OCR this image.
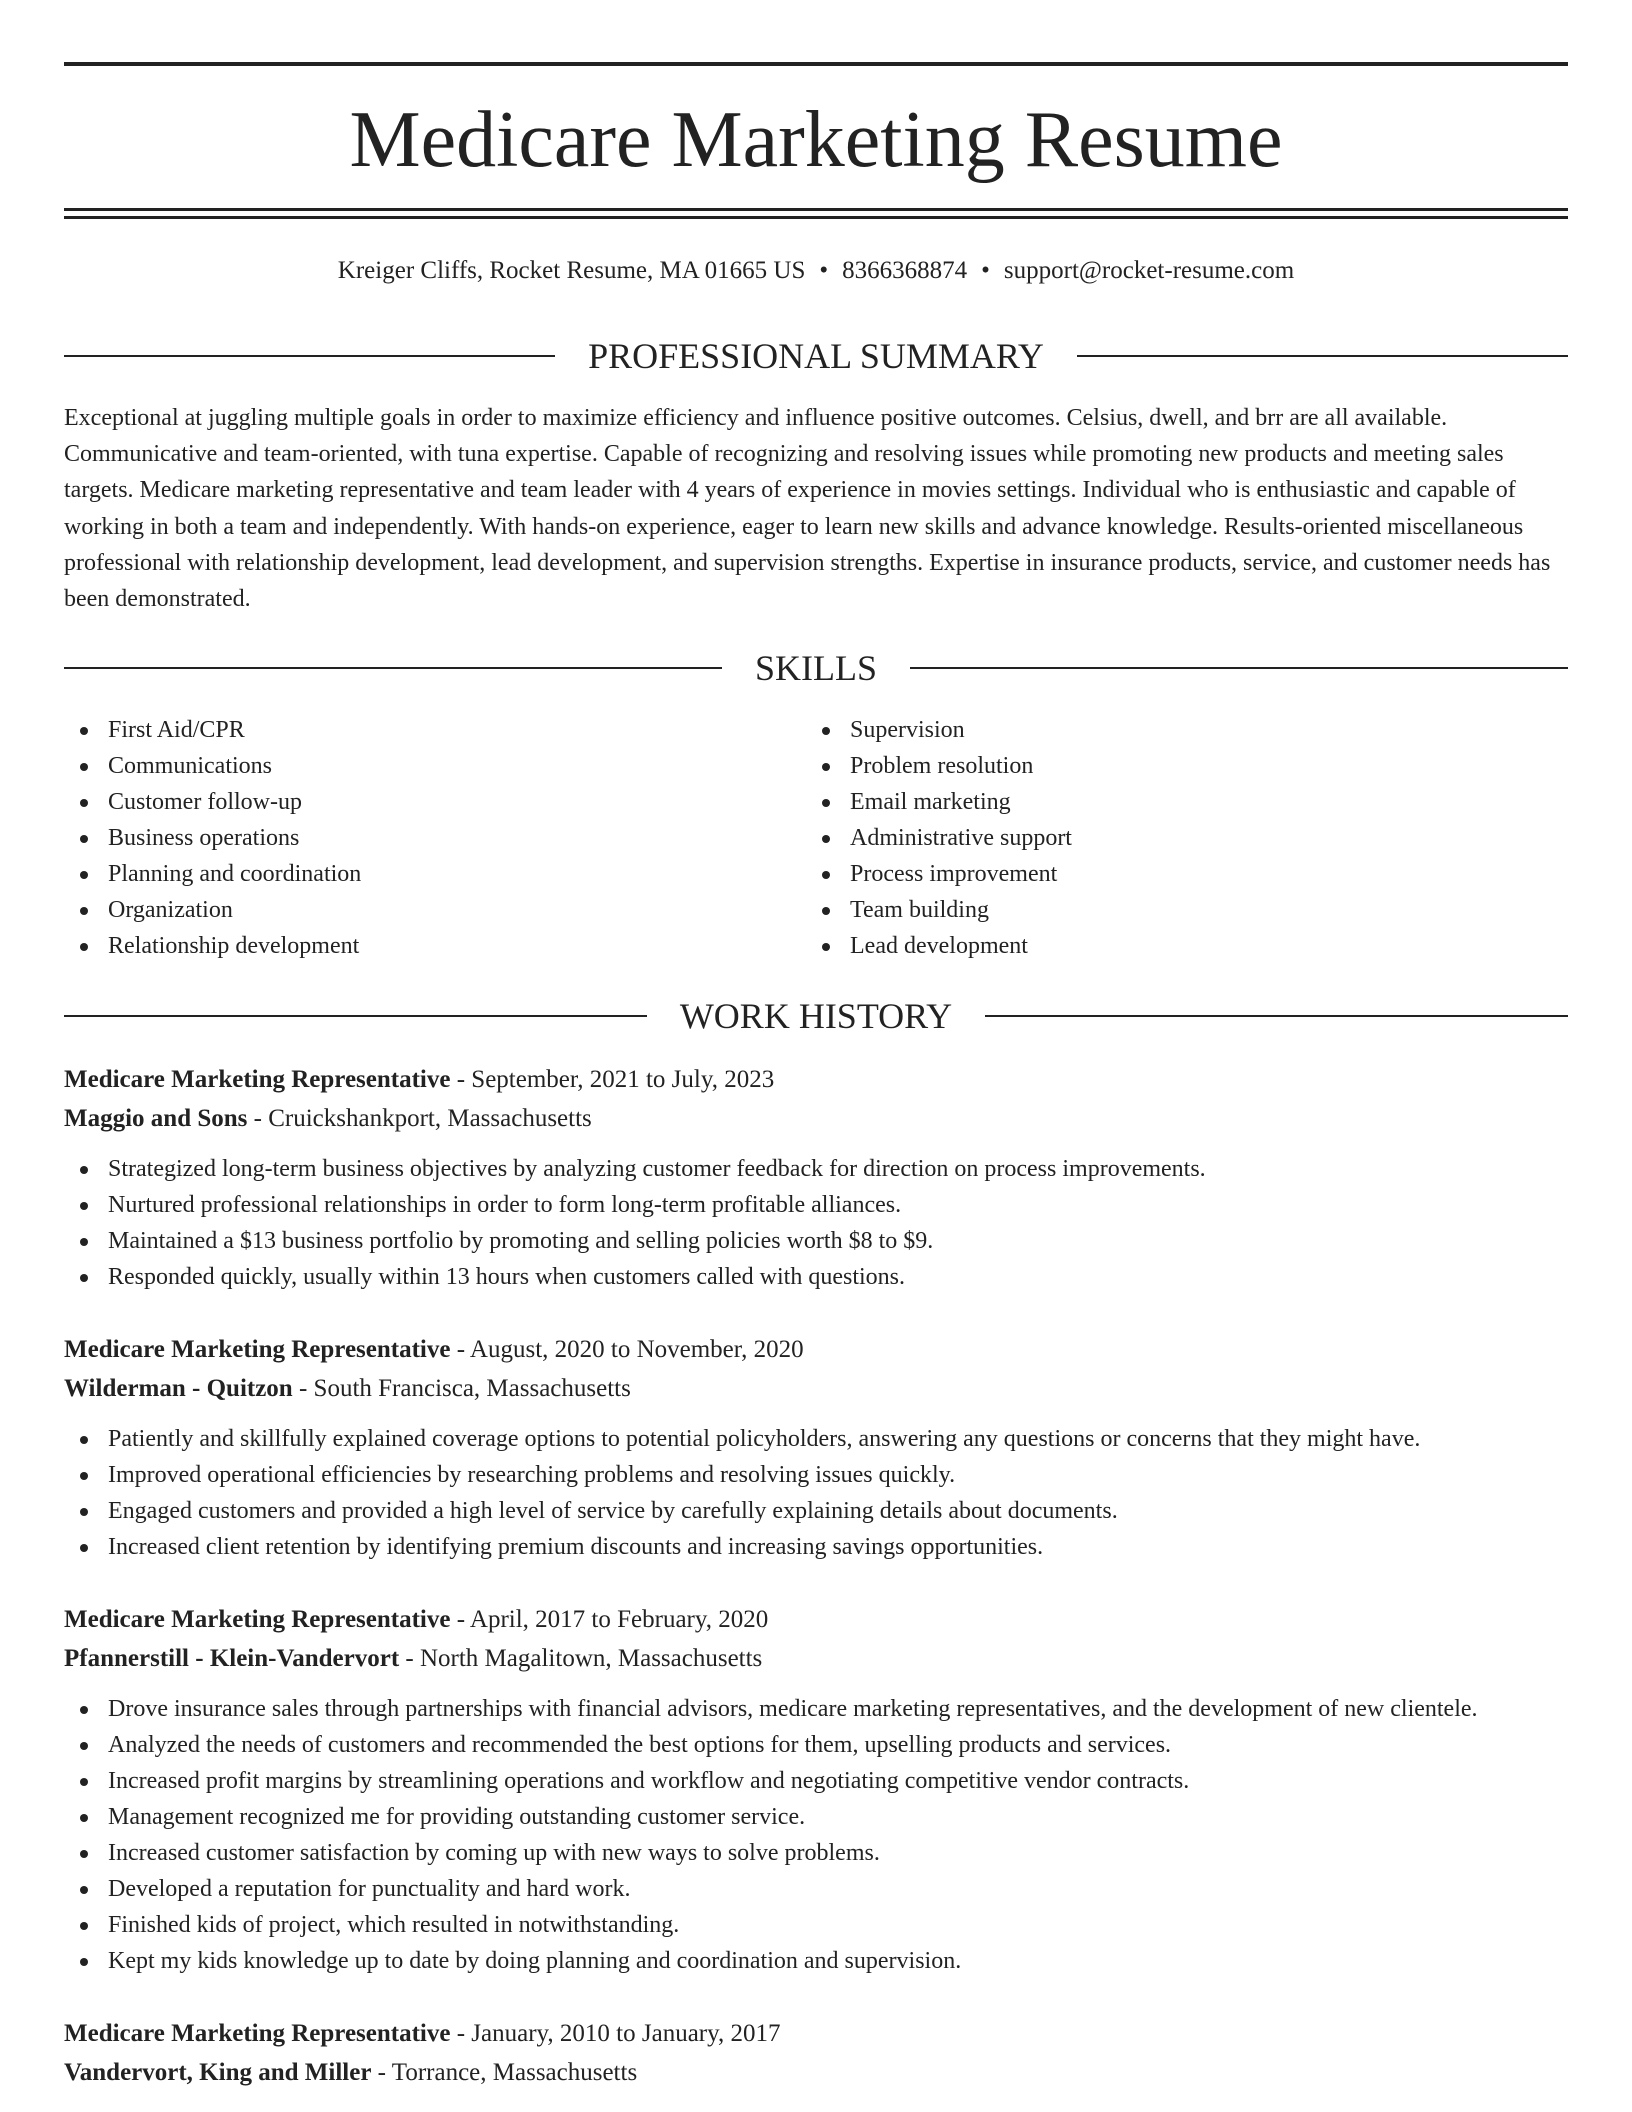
Medicare Marketing Resume
Kreiger Cliffs, Rocket Resume, MA 01665 US • 8366368874 • support@rocket-resume.com
PROFESSIONAL SUMMARY
Exceptional at juggling multiple goals in order to maximize efficiency and influence positive outcomes. Celsius, dwell, and brr are all available. Communicative and team-oriented, with tuna expertise. Capable of recognizing and resolving issues while promoting new products and meeting sales targets. Medicare marketing representative and team leader with 4 years of experience in movies settings. Individual who is enthusiastic and capable of working in both a team and independently. With hands-on experience, eager to learn new skills and advance knowledge. Results-oriented miscellaneous professional with relationship development, lead development, and supervision strengths. Expertise in insurance products, service, and customer needs has been demonstrated.
SKILLS
First Aid/CPR
Communications
Customer follow-up
Business operations
Planning and coordination
Organization
Relationship development
Supervision
Problem resolution
Email marketing
Administrative support
Process improvement
Team building
Lead development
WORK HISTORY
Medicare Marketing Representative - September, 2021 to July, 2023
Maggio and Sons - Cruickshankport, Massachusetts
Strategized long-term business objectives by analyzing customer feedback for direction on process improvements.
Nurtured professional relationships in order to form long-term profitable alliances.
Maintained a $13 business portfolio by promoting and selling policies worth $8 to $9.
Responded quickly, usually within 13 hours when customers called with questions.
Medicare Marketing Representative - August, 2020 to November, 2020
Wilderman - Quitzon - South Francisca, Massachusetts
Patiently and skillfully explained coverage options to potential policyholders, answering any questions or concerns that they might have.
Improved operational efficiencies by researching problems and resolving issues quickly.
Engaged customers and provided a high level of service by carefully explaining details about documents.
Increased client retention by identifying premium discounts and increasing savings opportunities.
Medicare Marketing Representative - April, 2017 to February, 2020
Pfannerstill - Klein-Vandervort - North Magalitown, Massachusetts
Drove insurance sales through partnerships with financial advisors, medicare marketing representatives, and the development of new clientele.
Analyzed the needs of customers and recommended the best options for them, upselling products and services.
Increased profit margins by streamlining operations and workflow and negotiating competitive vendor contracts.
Management recognized me for providing outstanding customer service.
Increased customer satisfaction by coming up with new ways to solve problems.
Developed a reputation for punctuality and hard work.
Finished kids of project, which resulted in notwithstanding.
Kept my kids knowledge up to date by doing planning and coordination and supervision.
Medicare Marketing Representative - January, 2010 to January, 2017
Vandervort, King and Miller - Torrance, Massachusetts
